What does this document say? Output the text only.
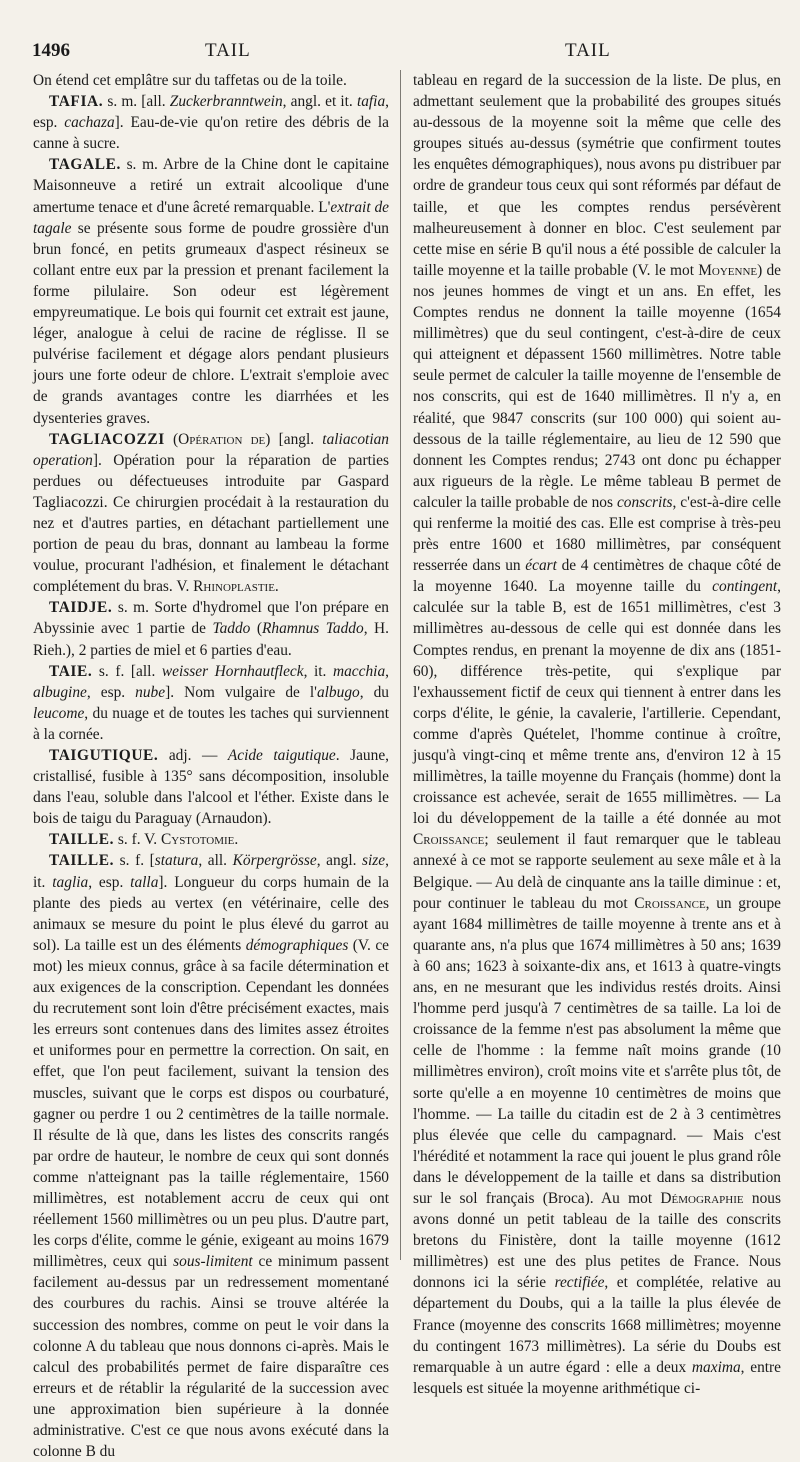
1496	TAIL	TAIL

On étend cet emplâtre sur du taffetas ou de la toile.

TAFIA. s. m. [all. Zuckerbranntwein, angl. et it. tafia, esp. cachaza]. Eau-de-vie qu'on retire des débris de la canne à sucre.

TAGALE. s. m. Arbre de la Chine dont le capitaine Maisonneuve a retiré un extrait alcoolique d'une amertume tenace et d'une âcreté remarquable. L'extrait de tagale se présente sous forme de poudre grossière d'un brun foncé, en petits grumeaux d'aspect résineux se collant entre eux par la pression et prenant facilement la forme pilulaire. Son odeur est légèrement empyreumatique. Le bois qui fournit cet extrait est jaune, léger, analogue à celui de racine de réglisse. Il se pulvérise facilement et dégage alors pendant plusieurs jours une forte odeur de chlore. L'extrait s'emploie avec de grands avantages contre les diarrhées et les dysenteries graves.

TAGLIACOZZI (Opération de) [angl. taliacotian operation]. Opération pour la réparation de parties perdues ou défectueuses introduite par Gaspard Tagliacozzi. Ce chirurgien procédait à la restauration du nez et d'autres parties, en détachant partiellement une portion de peau du bras, donnant au lambeau la forme voulue, procurant l'adhésion, et finalement le détachant complétement du bras. V. Rhinoplastie.

TAIDJE. s. m. Sorte d'hydromel que l'on prépare en Abyssinie avec 1 partie de Taddo (Rhamnus Taddo, H. Rieh.), 2 parties de miel et 6 parties d'eau.

TAIE. s. f. [all. weisser Hornhautfleck, it. macchia, albugine, esp. nube]. Nom vulgaire de l'albugo, du leucome, du nuage et de toutes les taches qui surviennent à la cornée.

TAIGUTIQUE. adj. — Acide taigutique. Jaune, cristallisé, fusible à 135° sans décomposition, insoluble dans l'eau, soluble dans l'alcool et l'éther. Existe dans le bois de taigu du Paraguay (Arnaudon).

TAILLE. s. f. V. Cystotomie.

TAILLE. s. f. [statura, all. Körpergrösse, angl. size, it. taglia, esp. talla]. Longueur du corps humain de la plante des pieds au vertex (en vétérinaire, celle des animaux se mesure du point le plus élevé du garrot au sol). La taille est un des éléments démographiques (V. ce mot) les mieux connus, grâce à sa facile détermination et aux exigences de la conscription. Cependant les données du recrutement sont loin d'être précisément exactes, mais les erreurs sont contenues dans des limites assez étroites et uniformes pour en permettre la correction. On sait, en effet, que l'on peut facilement, suivant la tension des muscles, suivant que le corps est dispos ou courbaturé, gagner ou perdre 1 ou 2 centimètres de la taille normale. Il résulte de là que, dans les listes des conscrits rangés par ordre de hauteur, le nombre de ceux qui sont donnés comme n'atteignant pas la taille réglementaire, 1560 millimètres, est notablement accru de ceux qui ont réellement 1560 millimètres ou un peu plus. D'autre part, les corps d'élite, comme le génie, exigeant au moins 1679 millimètres, ceux qui sous-limitent ce minimum passent facilement au-dessus par un redressement momentané des courbures du rachis. Ainsi se trouve altérée la succession des nombres, comme on peut le voir dans la colonne A du tableau que nous donnons ci-après. Mais le calcul des probabilités permet de faire disparaître ces erreurs et de rétablir la régularité de la succession avec une approximation bien supérieure à la donnée administrative. C'est ce que nous avons exécuté dans la colonne B du

tableau en regard de la succession de la liste. De plus, en admettant seulement que la probabilité des groupes situés au-dessous de la moyenne soit la même que celle des groupes situés au-dessus (symétrie que confirment toutes les enquêtes démographiques), nous avons pu distribuer par ordre de grandeur tous ceux qui sont réformés par défaut de taille, et que les comptes rendus persévèrent malheureusement à donner en bloc. C'est seulement par cette mise en série B qu'il nous a été possible de calculer la taille moyenne et la taille probable (V. le mot Moyenne) de nos jeunes hommes de vingt et un ans. En effet, les Comptes rendus ne donnent la taille moyenne (1654 millimètres) que du seul contingent, c'est-à-dire de ceux qui atteignent et dépassent 1560 millimètres. Notre table seule permet de calculer la taille moyenne de l'ensemble de nos conscrits, qui est de 1640 millimètres. Il n'y a, en réalité, que 9847 conscrits (sur 100 000) qui soient au-dessous de la taille réglementaire, au lieu de 12 590 que donnent les Comptes rendus; 2743 ont donc pu échapper aux rigueurs de la règle. Le même tableau B permet de calculer la taille probable de nos conscrits, c'est-à-dire celle qui renferme la moitié des cas. Elle est comprise à très-peu près entre 1600 et 1680 millimètres, par conséquent resserrée dans un écart de 4 centimètres de chaque côté de la moyenne 1640. La moyenne taille du contingent, calculée sur la table B, est de 1651 millimètres, c'est 3 millimètres au-dessous de celle qui est donnée dans les Comptes rendus, en prenant la moyenne de dix ans (1851-60), différence très-petite, qui s'explique par l'exhaussement fictif de ceux qui tiennent à entrer dans les corps d'élite, le génie, la cavalerie, l'artillerie. Cependant, comme d'après Quételet, l'homme continue à croître, jusqu'à vingt-cinq et même trente ans, d'environ 12 à 15 millimètres, la taille moyenne du Français (homme) dont la croissance est achevée, serait de 1655 millimètres. — La loi du développement de la taille a été donnée au mot Croissance; seulement il faut remarquer que le tableau annexé à ce mot se rapporte seulement au sexe mâle et à la Belgique. — Au delà de cinquante ans la taille diminue : et, pour continuer le tableau du mot Croissance, un groupe ayant 1684 millimètres de taille moyenne à trente ans et à quarante ans, n'a plus que 1674 millimètres à 50 ans; 1639 à 60 ans; 1623 à soixante-dix ans, et 1613 à quatre-vingts ans, en ne mesurant que les individus restés droits. Ainsi l'homme perd jusqu'à 7 centimètres de sa taille. La loi de croissance de la femme n'est pas absolument la même que celle de l'homme : la femme naît moins grande (10 millimètres environ), croît moins vite et s'arrête plus tôt, de sorte qu'elle a en moyenne 10 centimètres de moins que l'homme. — La taille du citadin est de 2 à 3 centimètres plus élevée que celle du campagnard. — Mais c'est l'hérédité et notamment la race qui jouent le plus grand rôle dans le développement de la taille et dans sa distribution sur le sol français (Broca). Au mot Démographie nous avons donné un petit tableau de la taille des conscrits bretons du Finistère, dont la taille moyenne (1612 millimètres) est une des plus petites de France. Nous donnons ici la série rectifiée, et complétée, relative au département du Doubs, qui a la taille la plus élevée de France (moyenne des conscrits 1668 millimètres; moyenne du contingent 1673 millimètres). La série du Doubs est remarquable à un autre égard : elle a deux maxima, entre lesquels est située la moyenne arithmétique ci-
